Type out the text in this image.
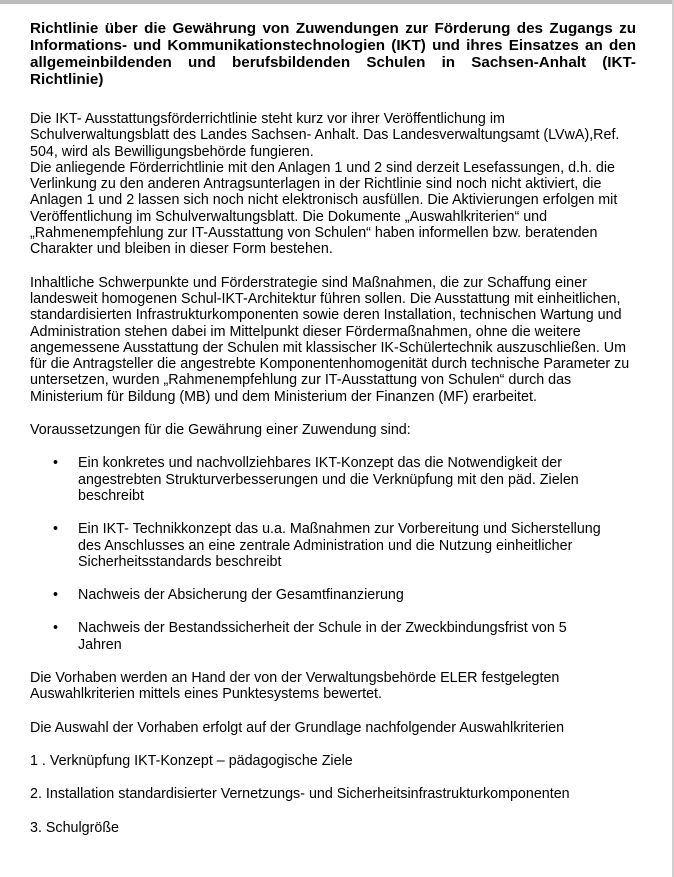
Richtlinie über die Gewährung von Zuwendungen zur Förderung des Zugangs zu Informations- und Kommunikationstechnologien (IKT) und ihres Einsatzes an den allgemeinbildenden und berufsbildenden Schulen in Sachsen-Anhalt (IKT- Richtlinie)

Die IKT- Ausstattungsförderrichtlinie steht kurz vor ihrer Veröffentlichung im Schulverwaltungsblatt des Landes Sachsen- Anhalt. Das Landesverwaltungsamt (LVwA),Ref. 504, wird als Bewilligungsbehörde fungieren.

Die anliegende Förderrichtlinie mit den Anlagen 1 und 2 sind derzeit Lesefassungen, d.h. die Verlinkung zu den anderen Antragsunterlagen in der Richtlinie sind noch nicht aktiviert, die Anlagen 1 und 2 lassen sich noch nicht elektronisch ausfüllen. Die Aktivierungen erfolgen mit Veröffentlichung im Schulverwaltungsblatt. Die Dokumente „Auswahlkriterien“ und „Rahmenempfehlung zur IT-Ausstattung von Schulen“ haben informellen bzw. beratenden Charakter und bleiben in dieser Form bestehen.

Inhaltliche Schwerpunkte und Förderstrategie sind Maßnahmen, die zur Schaffung einer landesweit homogenen Schul-IKT-Architektur führen sollen. Die Ausstattung mit einheitlichen, standardisierten Infrastrukturkomponenten sowie deren Installation, technischen Wartung und Administration stehen dabei im Mittelpunkt dieser Fördermaßnahmen, ohne die weitere angemessene Ausstattung der Schulen mit klassischer IK-Schülertechnik auszuschließen. Um für die Antragsteller die angestrebte Komponentenhomogenität durch technische Parameter zu untersetzen, wurden „Rahmenempfehlung zur IT-Ausstattung von Schulen“ durch das Ministerium für Bildung (MB) und dem Ministerium der Finanzen (MF) erarbeitet.

Voraussetzungen für die Gewährung einer Zuwendung sind:

• Ein konkretes und nachvollziehbares IKT-Konzept das die Notwendigkeit der angestrebten Strukturverbesserungen und die Verknüpfung mit den päd. Zielen beschreibt
• Ein IKT- Technikkonzept das u.a. Maßnahmen zur Vorbereitung und Sicherstellung des Anschlusses an eine zentrale Administration und die Nutzung einheitlicher Sicherheitsstandards beschreibt
• Nachweis der Absicherung der Gesamtfinanzierung
• Nachweis der Bestandssicherheit der Schule in der Zweckbindungsfrist von 5 Jahren

Die Vorhaben werden an Hand der von der Verwaltungsbehörde ELER festgelegten Auswahlkriterien mittels eines Punktesystems bewertet.

Die Auswahl der Vorhaben erfolgt auf der Grundlage nachfolgender Auswahlkriterien

1 . Verknüpfung IKT-Konzept – pädagogische Ziele

2. Installation standardisierter Vernetzungs- und Sicherheitsinfrastrukturkomponenten

3. Schulgröße
